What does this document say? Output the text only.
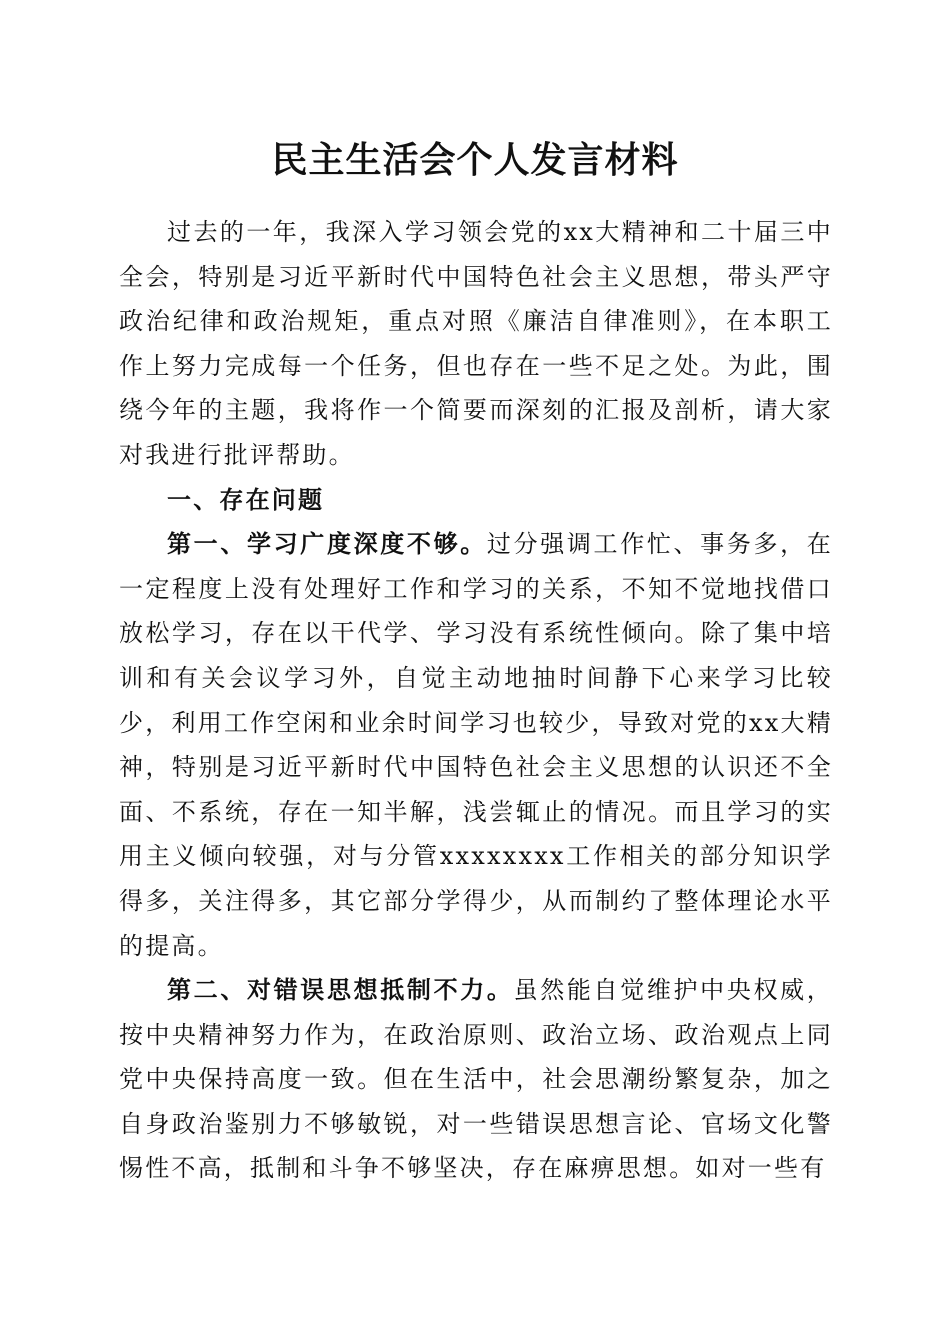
民主生活会个人发言材料

过去的一年，我深入学习领会党的xx大精神和二十届三中全会，特别是习近平新时代中国特色社会主义思想，带头严守政治纪律和政治规矩，重点对照《廉洁自律准则》，在本职工作上努力完成每一个任务，但也存在一些不足之处。为此，围绕今年的主题，我将作一个简要而深刻的汇报及剖析，请大家对我进行批评帮助。

一、存在问题

第一、学习广度深度不够。过分强调工作忙、事务多，在一定程度上没有处理好工作和学习的关系，不知不觉地找借口放松学习，存在以干代学、学习没有系统性倾向。除了集中培训和有关会议学习外，自觉主动地抽时间静下心来学习比较少，利用工作空闲和业余时间学习也较少，导致对党的xx大精神，特别是习近平新时代中国特色社会主义思想的认识还不全面、不系统，存在一知半解，浅尝辄止的情况。而且学习的实用主义倾向较强，对与分管xxxxxxxx工作相关的部分知识学得多，关注得多，其它部分学得少，从而制约了整体理论水平的提高。

第二、对错误思想抵制不力。虽然能自觉维护中央权威，按中央精神努力作为，在政治原则、政治立场、政治观点上同党中央保持高度一致。但在生活中，社会思潮纷繁复杂，加之自身政治鉴别力不够敏锐，对一些错误思想言论、官场文化警惕性不高，抵制和斗争不够坚决，存在麻痹思想。如对一些有
